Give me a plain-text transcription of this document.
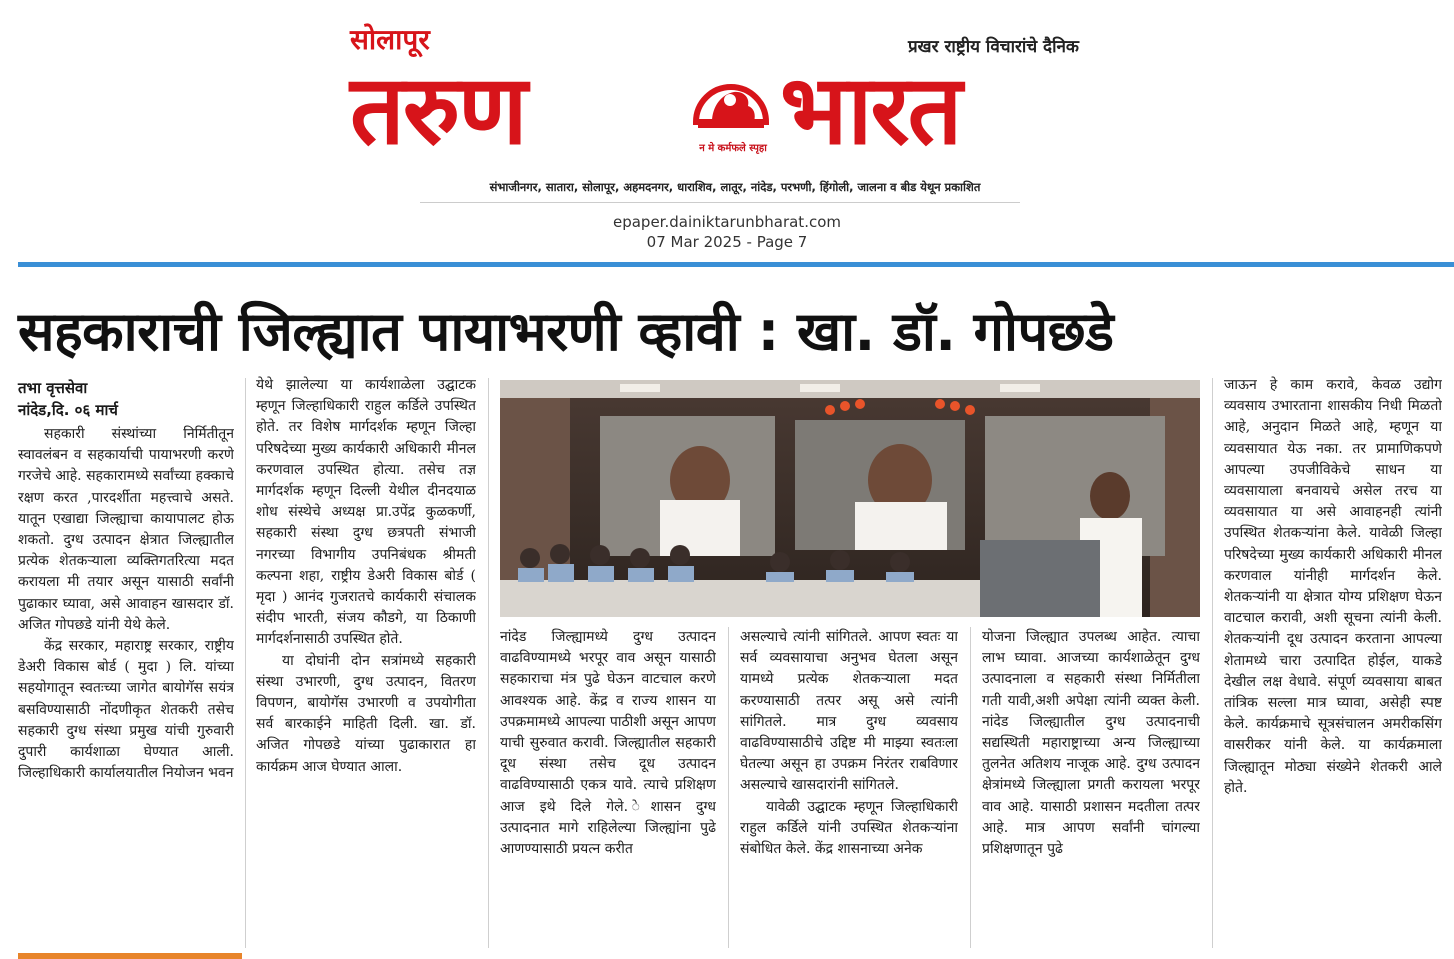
सोलापूर	प्रखर राष्ट्रीय विचारांचे दैनिक
तरुण	भारत
न मे कर्मफले स्पृहा
संभाजीनगर, सातारा, सोलापूर, अहमदनगर, धाराशिव, लातूर, नांदेड, परभणी, हिंगोली, जालना व बीड येथून प्रकाशित
epaper.dainiktarunbharat.com
07 Mar 2025 - Page 7
सहकाराची जिल्ह्यात पायाभरणी व्हावी : खा. डॉ. गोपछडे
तभा वृत्तसेवा
नांदेड,दि. ०६ मार्च

सहकारी संस्थांच्या निर्मितीतून स्वावलंबन व सहकार्याची पायाभरणी करणे गरजेचे आहे. सहकारामध्ये सर्वांच्या हक्काचे रक्षण करत ,पारदर्शीता महत्त्वाचे असते. यातून एखाद्या जिल्ह्याचा कायापालट होऊ शकतो. दुग्ध उत्पादन क्षेत्रात जिल्ह्यातील प्रत्येक शेतकऱ्याला व्यक्तिगतरित्या मदत करायला मी तयार असून यासाठी सर्वांनी पुढाकार घ्यावा, असे आवाहन खासदार डॉ. अजित गोपछडे यांनी येथे केले.

केंद्र सरकार, महाराष्ट्र सरकार, राष्ट्रीय डेअरी विकास बोर्ड ( मुदा ) लि. यांच्या सहयोगातून स्वतःच्या जागेत बायोगॅस सयंत्र बसविण्यासाठी नोंदणीकृत शेतकरी तसेच सहकारी दुग्ध संस्था प्रमुख यांची गुरुवारी दुपारी कार्यशाळा घेण्यात आली. जिल्हाधिकारी कार्यालयातील नियोजन भवन

येथे झालेल्या या कार्यशाळेला उद्घाटक म्हणून जिल्हाधिकारी राहुल कर्डिले उपस्थित होते. तर विशेष मार्गदर्शक म्हणून जिल्हा परिषदेच्या मुख्य कार्यकारी अधिकारी मीनल करणवाल उपस्थित होत्या. तसेच तज्ञ मार्गदर्शक म्हणून दिल्ली येथील दीनदयाळ शोध संस्थेचे अध्यक्ष प्रा.उपेंद्र कुळकर्णी, सहकारी संस्था दुग्ध छत्रपती संभाजी नगरच्या विभागीय उपनिबंधक श्रीमती कल्पना शहा, राष्ट्रीय डेअरी विकास बोर्ड ( मृदा ) आनंद गुजरातचे कार्यकारी संचालक संदीप भारती, संजय कौडगे, या ठिकाणी मार्गदर्शनासाठी उपस्थित होते.

या दोघांनी दोन सत्रांमध्ये सहकारी संस्था उभारणी, दुग्ध उत्पादन, वितरण विपणन, बायोगॅस उभारणी व उपयोगीता सर्व बारकाईने माहिती दिली. खा. डॉ. अजित गोपछडे यांच्या पुढाकारात हा कार्यक्रम आज घेण्यात आला.

नांदेड जिल्ह्यामध्ये दुग्ध उत्पादन वाढविण्यामध्ये भरपूर वाव असून यासाठी सहकाराचा मंत्र पुढे घेऊन वाटचाल करणे आवश्यक आहे. केंद्र व राज्य शासन या उपक्रमामध्ये आपल्या पाठीशी असून आपण याची सुरुवात करावी. जिल्ह्यातील सहकारी दूध संस्था तसेच दूध उत्पादन वाढविण्यासाठी एकत्र यावे. त्याचे प्रशिक्षण आज इथे दिले गेले. ेशासन दुग्ध उत्पादनात मागे राहिलेल्या जिल्ह्यांना पुढे आणण्यासाठी प्रयत्न करीत

असल्याचे त्यांनी सांगितले. आपण स्वतः या सर्व व्यवसायाचा अनुभव घेतला असून यामध्ये प्रत्येक शेतकऱ्याला मदत करण्यासाठी तत्पर असू असे त्यांनी सांगितले. मात्र दुग्ध व्यवसाय वाढविण्यासाठीचे उद्दिष्ट मी माझ्या स्वतःला घेतल्या असून हा उपक्रम निरंतर राबविणार असल्याचे खासदारांनी सांगितले.

यावेळी उद्घाटक म्हणून जिल्हाधिकारी राहुल कर्डिले यांनी उपस्थित शेतकऱ्यांना संबोधित केले. केंद्र शासनाच्या अनेक

योजना जिल्ह्यात उपलब्ध आहेत. त्याचा लाभ घ्यावा. आजच्या कार्यशाळेतून दुग्ध उत्पादनाला व सहकारी संस्था निर्मितीला गती यावी,अशी अपेक्षा त्यांनी व्यक्त केली. नांदेड जिल्ह्यातील दुग्ध उत्पादनाची सद्यस्थिती महाराष्ट्राच्या अन्य जिल्ह्याच्या तुलनेत अतिशय नाजूक आहे. दुग्ध उत्पादन क्षेत्रांमध्ये जिल्ह्याला प्रगती करायला भरपूर वाव आहे. यासाठी प्रशासन मदतीला तत्पर आहे. मात्र आपण सर्वांनी चांगल्या प्रशिक्षणातून पुढे

जाऊन हे काम करावे, केवळ उद्योग व्यवसाय उभारताना शासकीय निधी मिळतो आहे, अनुदान मिळते आहे, म्हणून या व्यवसायात येऊ नका. तर प्रामाणिकपणे आपल्या उपजीविकेचे साधन या व्यवसायाला बनवायचे असेल तरच या व्यवसायात या असे आवाहनही त्यांनी उपस्थित शेतकऱ्यांना केले. यावेळी जिल्हा परिषदेच्या मुख्य कार्यकारी अधिकारी मीनल करणवाल यांनीही मार्गदर्शन केले. शेतकऱ्यांनी या क्षेत्रात योग्य प्रशिक्षण घेऊन वाटचाल करावी, अशी सूचना त्यांनी केली. शेतकऱ्यांनी दूध उत्पादन करताना आपल्या शेतामध्ये चारा उत्पादित होईल, याकडे देखील लक्ष वेधावे. संपूर्ण व्यवसाया बाबत तांत्रिक सल्ला मात्र घ्यावा, असेही स्पष्ट केले. कार्यक्रमाचे सूत्रसंचालन अमरीकसिंग वासरीकर यांनी केले. या कार्यक्रमाला जिल्ह्यातून मोठ्या संख्येने शेतकरी आले होते.
